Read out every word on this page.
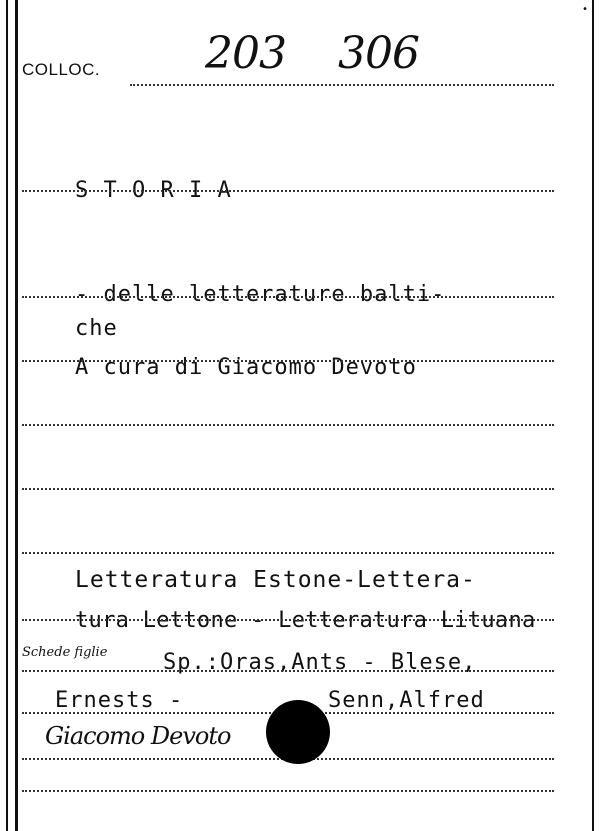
•
COLLOC. 203 306
S T O R I A
- delle letterature balti-
che
A cura di Giacomo Devoto
Letteratura Estone-Lettera-
tura Lettone - Letteratura Lituana
Schede figlie	Sp.:Oras,Ants - Blese,
Ernests -	Senn,Alfred
Giacomo Devoto
